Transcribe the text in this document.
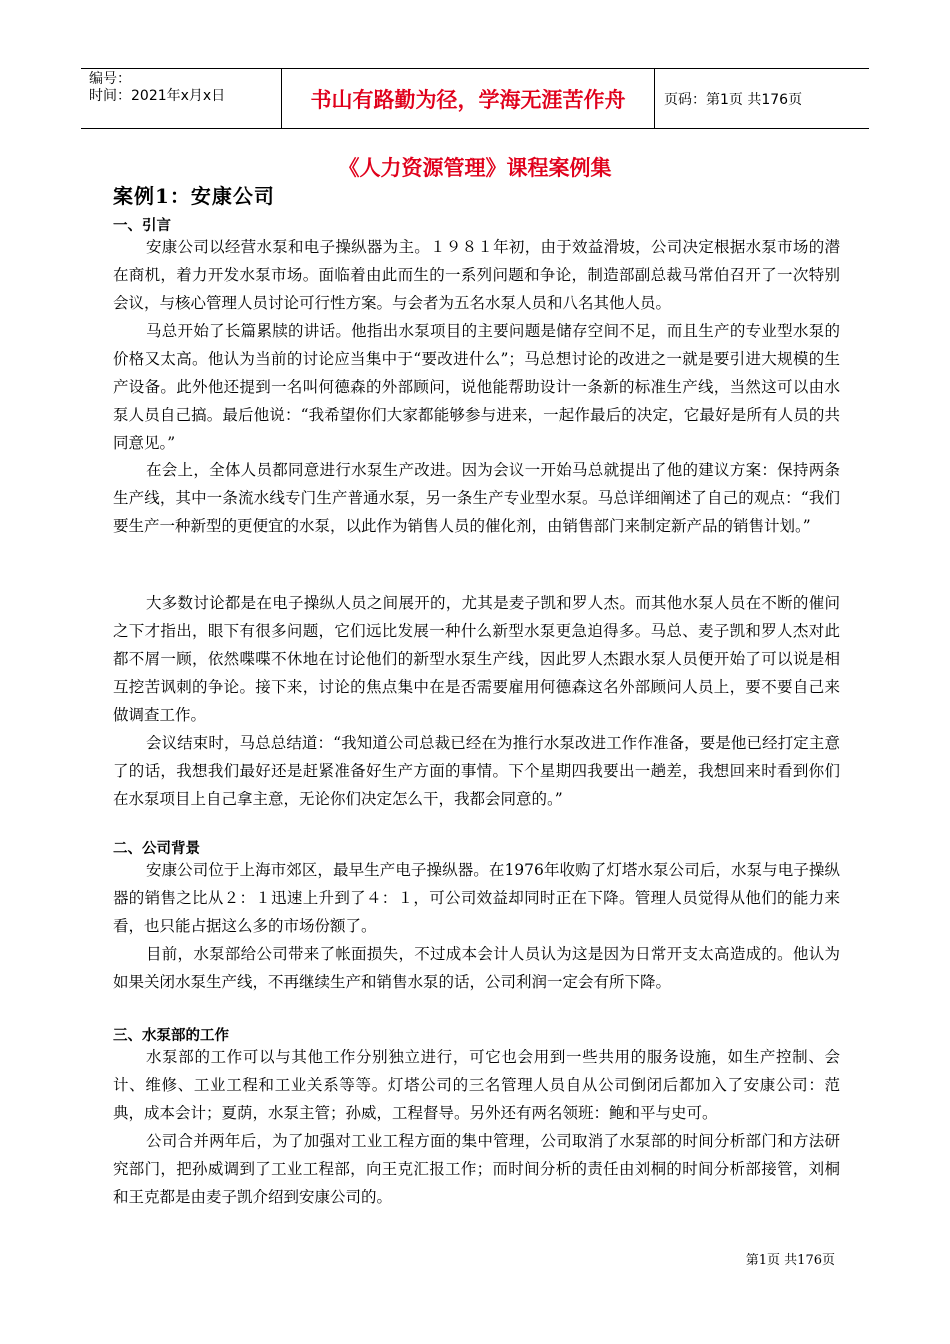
编号：
时间：2021年x月x日	书山有路勤为径，学海无涯苦作舟	页码：第1页 共176页
《人力资源管理》课程案例集
案例1：安康公司
一、引言
安康公司以经营水泵和电子操纵器为主。１９８１年初，由于效益滑坡，公司决定根据水泵市场的潜在商机，着力开发水泵市场。面临着由此而生的一系列问题和争论，制造部副总裁马常伯召开了一次特别会议，与核心管理人员讨论可行性方案。与会者为五名水泵人员和八名其他人员。
马总开始了长篇累牍的讲话。他指出水泵项目的主要问题是储存空间不足，而且生产的专业型水泵的价格又太高。他认为当前的讨论应当集中于“要改进什么”；马总想讨论的改进之一就是要引进大规模的生产设备。此外他还提到一名叫何德森的外部顾问，说他能帮助设计一条新的标准生产线，当然这可以由水泵人员自己搞。最后他说：“我希望你们大家都能够参与进来，一起作最后的决定，它最好是所有人员的共同意见。”
在会上，全体人员都同意进行水泵生产改进。因为会议一开始马总就提出了他的建议方案：保持两条生产线，其中一条流水线专门生产普通水泵，另一条生产专业型水泵。马总详细阐述了自己的观点：“我们要生产一种新型的更便宜的水泵，以此作为销售人员的催化剂，由销售部门来制定新产品的销售计划。”
大多数讨论都是在电子操纵人员之间展开的，尤其是麦子凯和罗人杰。而其他水泵人员在不断的催问之下才指出，眼下有很多问题，它们远比发展一种什么新型水泵更急迫得多。马总、麦子凯和罗人杰对此都不屑一顾，依然喋喋不休地在讨论他们的新型水泵生产线，因此罗人杰跟水泵人员便开始了可以说是相互挖苦讽刺的争论。接下来，讨论的焦点集中在是否需要雇用何德森这名外部顾问人员上，要不要自己来做调查工作。
会议结束时，马总总结道：“我知道公司总裁已经在为推行水泵改进工作作准备，要是他已经打定主意了的话，我想我们最好还是赶紧准备好生产方面的事情。下个星期四我要出一趟差，我想回来时看到你们在水泵项目上自己拿主意，无论你们决定怎么干，我都会同意的。”
二、公司背景
安康公司位于上海市郊区，最早生产电子操纵器。在1976年收购了灯塔水泵公司后，水泵与电子操纵器的销售之比从２：１迅速上升到了４：１，可公司效益却同时正在下降。管理人员觉得从他们的能力来看，也只能占据这么多的市场份额了。
目前，水泵部给公司带来了帐面损失，不过成本会计人员认为这是因为日常开支太高造成的。他认为如果关闭水泵生产线，不再继续生产和销售水泵的话，公司利润一定会有所下降。
三、水泵部的工作
水泵部的工作可以与其他工作分别独立进行，可它也会用到一些共用的服务设施，如生产控制、会计、维修、工业工程和工业关系等等。灯塔公司的三名管理人员自从公司倒闭后都加入了安康公司：范典，成本会计；夏荫，水泵主管；孙威，工程督导。另外还有两名领班：鲍和平与史可。
公司合并两年后，为了加强对工业工程方面的集中管理，公司取消了水泵部的时间分析部门和方法研究部门，把孙威调到了工业工程部，向王克汇报工作；而时间分析的责任由刘桐的时间分析部接管，刘桐和王克都是由麦子凯介绍到安康公司的。
第1页 共176页
